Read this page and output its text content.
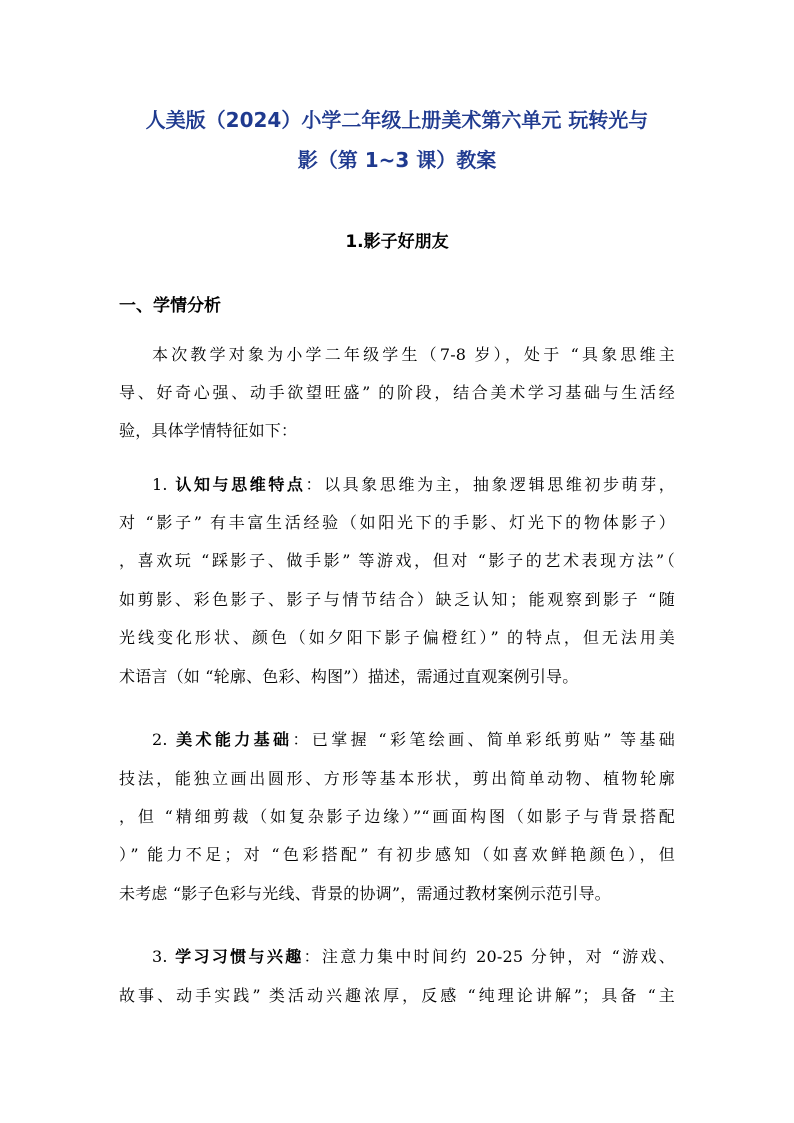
人美版（2024）小学二年级上册美术第六单元 玩转光与
影（第 1~3 课）教案
1.影子好朋友
一、学情分析
本次教学对象为小学二年级学生（7-8 岁），处于 “具象思维主
导、好奇心强、动手欲望旺盛” 的阶段，结合美术学习基础与生活经
验，具体学情特征如下：
1. 认知与思维特点：以具象思维为主，抽象逻辑思维初步萌芽，
对 “影子” 有丰富生活经验（如阳光下的手影、灯光下的物体影子）
，喜欢玩 “踩影子、做手影” 等游戏，但对 “影子的艺术表现方法”（
如剪影、彩色影子、影子与情节结合）缺乏认知；能观察到影子 “随
光线变化形状、颜色（如夕阳下影子偏橙红）” 的特点，但无法用美
术语言（如 “轮廓、色彩、构图”）描述，需通过直观案例引导。
2. 美术能力基础：已掌握 “彩笔绘画、简单彩纸剪贴” 等基础
技法，能独立画出圆形、方形等基本形状，剪出简单动物、植物轮廓
，但 “精细剪裁（如复杂影子边缘）”“画面构图（如影子与背景搭配
）” 能力不足；对 “色彩搭配” 有初步感知（如喜欢鲜艳颜色），但
未考虑 “影子色彩与光线、背景的协调”，需通过教材案例示范引导。
3. 学习习惯与兴趣：注意力集中时间约 20-25 分钟，对 “游戏、
故事、动手实践” 类活动兴趣浓厚，反感 “纯理论讲解”；具备 “主
